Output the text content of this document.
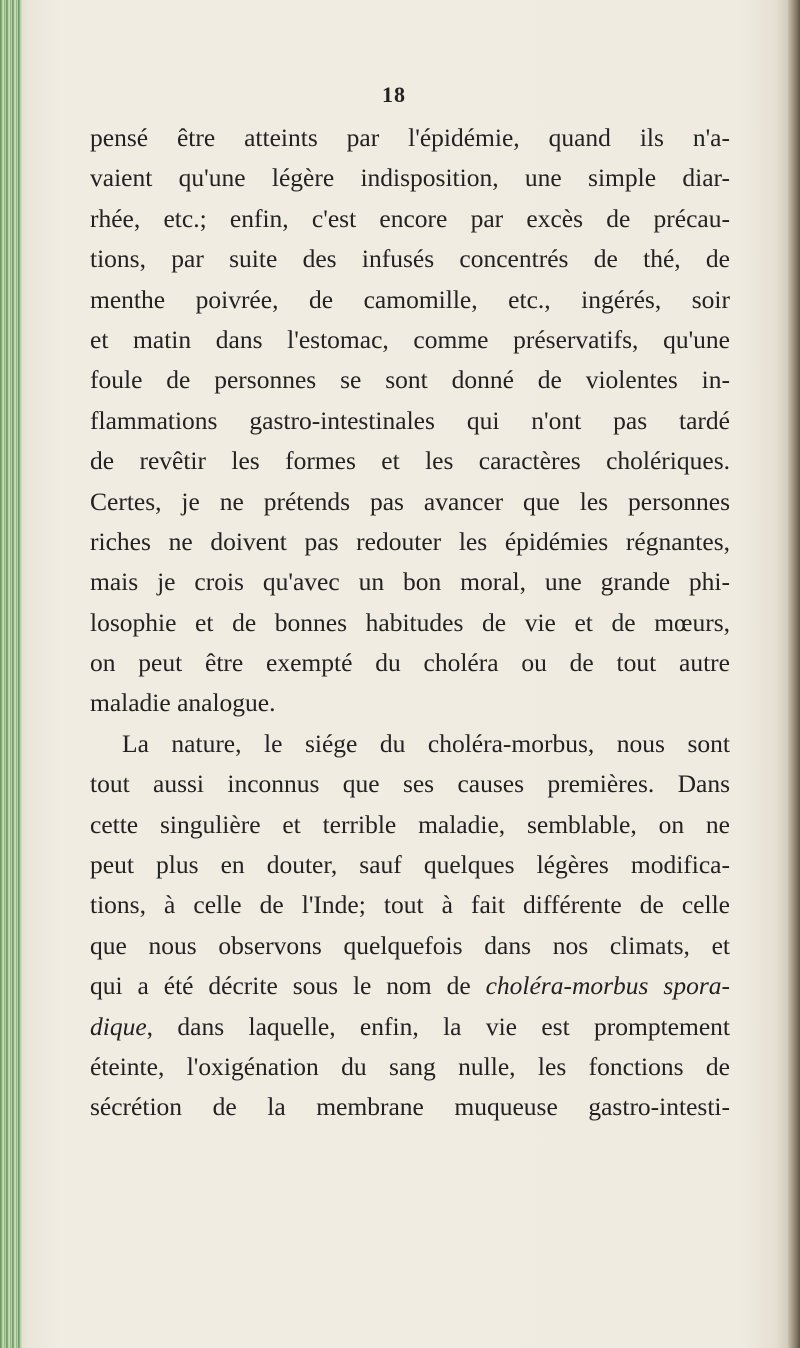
18
pensé être atteints par l'épidémie, quand ils n'a-
vaient qu'une légère indisposition, une simple diar-
rhée, etc.; enfin, c'est encore par excès de précau-
tions, par suite des infusés concentrés de thé, de
menthe poivrée, de camomille, etc., ingérés, soir
et matin dans l'estomac, comme préservatifs, qu'une
foule de personnes se sont donné de violentes in-
flammations gastro-intestinales qui n'ont pas tardé
de revêtir les formes et les caractères cholériques.
Certes, je ne prétends pas avancer que les personnes
riches ne doivent pas redouter les épidémies régnantes,
mais je crois qu'avec un bon moral, une grande phi-
losophie et de bonnes habitudes de vie et de mœurs,
on peut être exempté du choléra ou de tout autre
maladie analogue.
La nature, le siége du choléra-morbus, nous sont
tout aussi inconnus que ses causes premières. Dans
cette singulière et terrible maladie, semblable, on ne
peut plus en douter, sauf quelques légères modifica-
tions, à celle de l'Inde; tout à fait différente de celle
que nous observons quelquefois dans nos climats, et
qui a été décrite sous le nom de choléra-morbus spora-
dique, dans laquelle, enfin, la vie est promptement
éteinte, l'oxigénation du sang nulle, les fonctions de
sécrétion de la membrane muqueuse gastro-intesti-
